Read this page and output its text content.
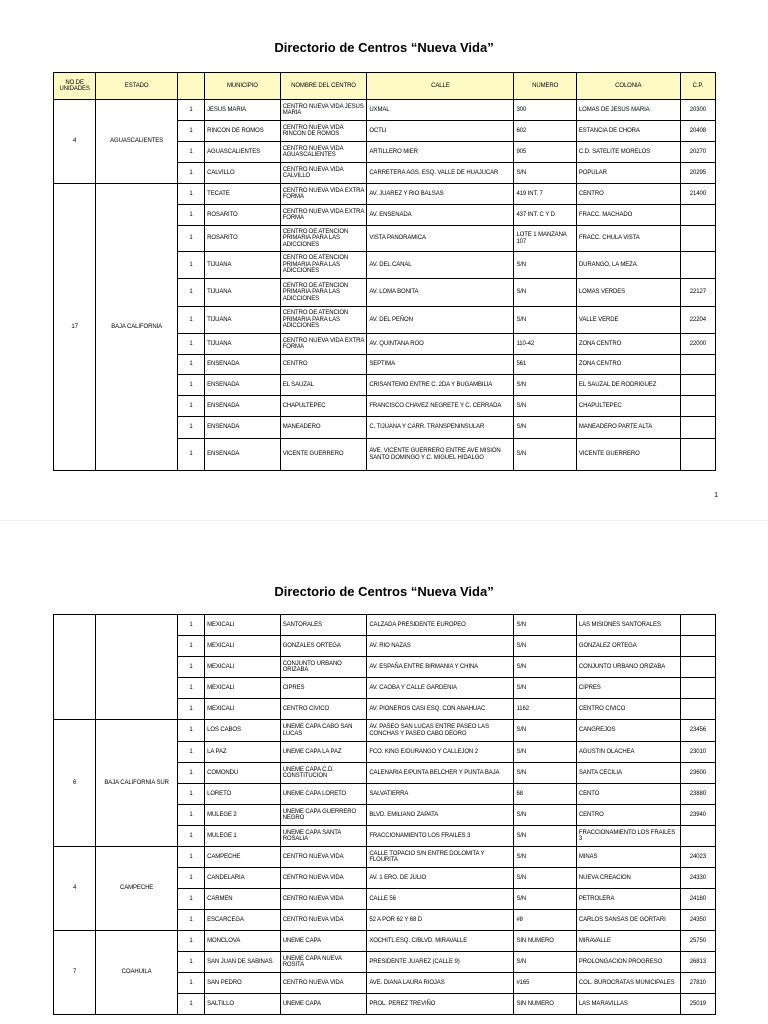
Directorio de Centros “Nueva Vida”
NO DE UNIDADES	ESTADO		MUNICIPIO	NOMBRE DEL CENTRO	CALLE	NUMERO	COLONIA	C.P.
4	AGUASCALIENTES	1	JESUS MARIA	CENTRO NUEVA VIDA JESUS MARIA	UXMAL	300	LOMAS DE JESUS MARIA	20300
		1	RINCON DE ROMOS	CENTRO NUEVA VIDA RINCON DE ROMOS	OCTLI	602	ESTANCIA DE CHORA	20408
		1	AGUASCALIENTES	CENTRO NUEVA VIDA AGUASCALIENTES	ARTILLERO MIER	905	C.D. SATELITE MORELOS	20270
		1	CALVILLO	CENTRO NUEVA VIDA CALVILLO	CARRETERA AGS. ESQ. VALLE DE HUAJUCAR	S/N	POPULAR	20295
17	BAJA CALIFORNIA	1	TECATE	CENTRO NUEVA VIDA EXTRA FORMA	AV. JUAREZ Y RIO BALSAS	419 INT. 7	CENTRO	21400
		1	ROSARITO	CENTRO NUEVA VIDA EXTRA FORMA	AV. ENSENADA	437 INT. C Y D	FRACC. MACHADO	
		1	ROSARITO	CENTRO DE ATENCION PRIMARIA PARA LAS ADICCIONES	VISTA PANORAMICA	LOTE 1 MANZANA 107	FRACC. CHULA VISTA	
		1	TIJUANA	CENTRO DE ATENCION PRIMARIA PARA LAS ADICCIONES	AV. DEL CANAL	S/N	DURANGO, LA MEZA	
		1	TIJUANA	CENTRO DE ATENCION PRIMARIA PARA LAS ADICCIONES	AV. LOMA BONITA	S/N	LOMAS VERDES	22127
		1	TIJUANA	CENTRO DE ATENCION PRIMARIA PARA LAS ADICCIONES	AV. DEL PEÑON	S/N	VALLE VERDE	22204
		1	TIJUANA	CENTRO NUEVA VIDA EXTRA FORMA	AV. QUINTANA ROO	110-42	ZONA CENTRO	22000
		1	ENSENADA	CENTRO	SEPTIMA	561	ZONA CENTRO	
		1	ENSENADA	EL SAUZAL	CRISANTEMO ENTRE C. 2DA Y BUGAMBILIA	S/N	EL SAUZAL DE RODRIGUEZ	
		1	ENSENADA	CHAPULTEPEC	FRANCISCO CHAVEZ NEGRETE Y C. CERRADA	S/N	CHAPULTEPEC	
		1	ENSENADA	MANEADERO	C. TIJUANA Y CARR. TRANSPENINSULAR	S/N	MANEADERO PARTE ALTA	
		1	ENSENADA	VICENTE GUERRERO	AVE. VICENTE GUERRERO ENTRE AVE MISION SANTO DOMINGO Y C. MIGUEL HIDALGO	S/N	VICENTE GUERRERO	
1
Directorio de Centros “Nueva Vida”
		1	MEXICALI	SANTORALES	CALZADA PRESIDENTE EUROPEO	S/N	LAS MISIONES SANTORALES	
		1	MEXICALI	GONZALES ORTEGA	AV. RIO NAZAS	S/N	GONZALEZ ORTEGA	
		1	MEXICALI	CONJUNTO URBANO ORIZABA	AV. ESPAÑA ENTRE BIRMANIA Y CHINA	S/N	CONJUNTO URBANO ORIZABA	
		1	MEXICALI	CIPRES	AV. CAOBA Y CALLE GARDENIA	S/N	CIPRES	
		1	MEXICALI	CENTRO CIVICO	AV. PIONEROS CASI ESQ. CON ANAHUAC	1162	CENTRO CIVICO	
6	BAJA CALIFORNIA SUR	1	LOS CABOS	UNEME CAPA CABO SAN LUCAS	AV. PASEO SAN LUCAS ENTRE PASEO LAS CONCHAS Y PASEO CABO DEORO	S/N	CANGREJOS	23456
		1	LA PAZ	UNEME CAPA LA PAZ	FCO. KING E/DURANGO Y CALLEJON 2	S/N	AGUSTIN OLACHEA	23010
		1	COMONDU	UNEME CAPA C.D. CONSTITUCION	CALENARIA E/PUNTA BELCHER Y PUNTA BAJA	S/N	SANTA CECILIA	23600
		1	LORETO	UNEME CAPA LORETO	SALVATIERRA	68	CENTO	23880
		1	MULEGE 2	UNEME CAPA GUERRERO NEGRO	BLVD. EMILIANO ZAPATA	S/N	CENTRO	23940
		1	MULEGE 1	UNEME CAPA SANTA ROSALIA	FRACCIONAMIENTO LOS FRAILES 3	S/N	FRACCIONAMIENTO LOS FRAILES 3	
4	CAMPECHE	1	CAMPECHE	CENTRO NUEVA VIDA	CALLE TOPACIO S/N ENTRE DOLOMITA Y FLOURITA	S/N	MINAS	24023
		1	CANDELARIA	CENTRO NUEVA VIDA	AV. 1 ERO. DE JULIO	S/N	NUEVA CREACION	24330
		1	CARMEN	CENTRO NUEVA VIDA	CALLE 56	S/N	PETROLERA	24180
		1	ESCARCEGA	CENTRO NUEVA VIDA	52 A POR 62 Y 68 D	#8	CARLOS SANSAS DE GORTARI	24350
7	COAHUILA	1	MONCLOVA	UNEME CAPA	XOCHITL ESQ. C/BLVD. MIRAVALLE	SIN NUMERO	MIRAVALLE	25750
		1	SAN JUAN DE SABINAS	UNEME CAPA NUEVA ROSITA	PRESIDENTE JUAREZ (CALLE 9)	S/N	PROLONGACION PROGRESO	26813
		1	SAN PEDRO	CENTRO NUEVA VIDA	AVE. DIANA LAURA RIOJAS	#165	COL. BUROCRATAS MUNICIPALES	27810
		1	SALTILLO	UNEME CAPA	PROL. PEREZ TREVIÑO	SIN NUMERO	LAS MARAVILLAS	25019
